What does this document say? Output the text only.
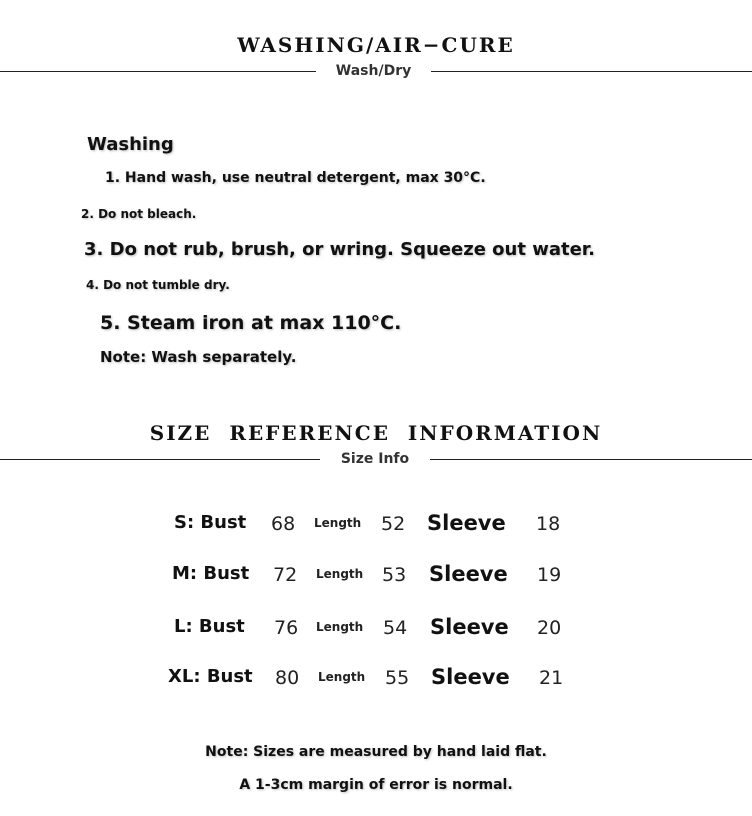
WASHING/AIR−CURE
Wash/Dry
Washing
1. Hand wash, use neutral detergent, max 30°C.
2. Do not bleach.
3. Do not rub, brush, or wring. Squeeze out water.
4. Do not tumble dry.
5. Steam iron at max 110°C.
Note: Wash separately.
SIZE  REFERENCE  INFORMATION
Size Info
S: Bust 68 Length 52 Sleeve 18
M: Bust 72 Length 53 Sleeve 19
L: Bust 76 Length 54 Sleeve 20
XL: Bust 80 Length 55 Sleeve 21
Note: Sizes are measured by hand laid flat.
A 1-3cm margin of error is normal.
